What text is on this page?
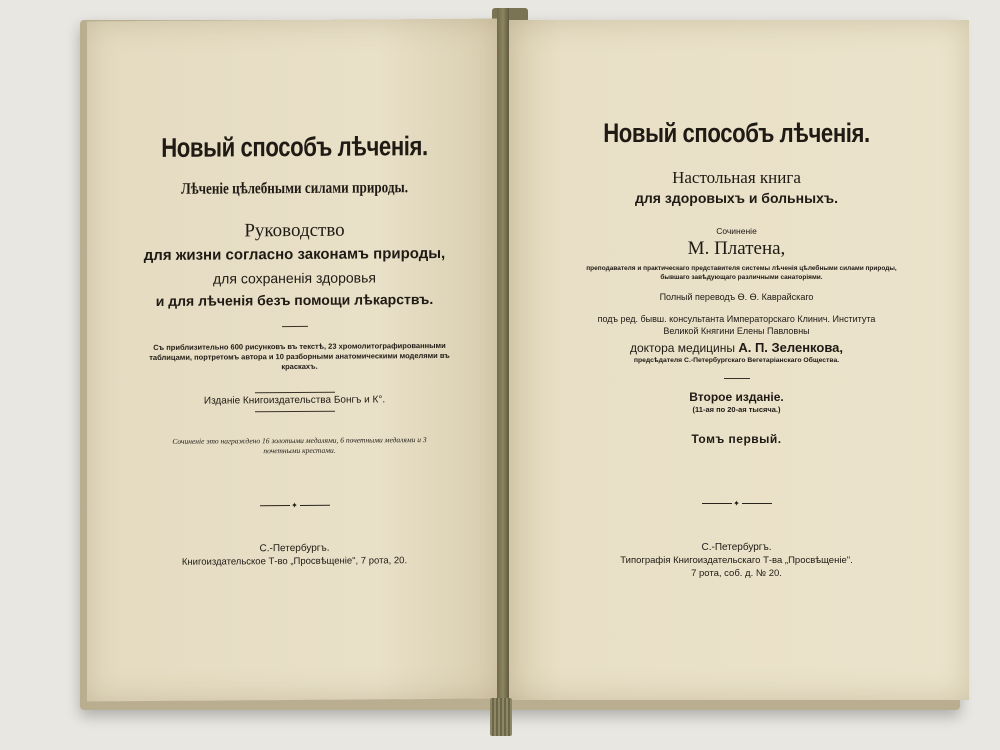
Новый способъ лѣченія.
Лѣченіе цѣлебными силами природы.
Руководство
для жизни согласно законамъ природы,
для сохраненія здоровья
и для лѣченія безъ помощи лѣкарствъ.
Съ приблизительно 600 рисунковъ въ текстѣ, 23 хромолитографированными таблицами, портретомъ автора и 10 разборными анатомическими моделями въ краскахъ.
Изданіе Книгоиздательства Бонгъ и К°.
Сочиненіе это награждено 16 золотыми медалями, 6 почетными медалями и 3 почетными крестами.
✦
С.-Петербургъ.
Книгоиздательское Т-во „Просвѣщеніе", 7 рота, 20.
Новый способъ лѣченія.
Настольная книга
для здоровыхъ и больныхъ.
Сочиненіе
М. Платена,
преподавателя и практическаго представителя системы лѣченія цѣлебными силами природы, бывшаго завѣдующаго различными санаторіями.
Полный переводъ Ѳ. Ѳ. Каврайскаго
подъ ред. бывш. консультанта Императорскаго Клинич. Института
Великой Княгини Елены Павловны
доктора медицины А. П. Зеленкова,
предсѣдателя С.-Петербургскаго Вегетаріанскаго Общества.
Второе изданіе.
(11-ая по 20-ая тысяча.)
Томъ первый.
✦
С.-Петербургъ.
Типографія Книгоиздательскаго Т-ва „Просвѣщеніе".
7 рота, соб. д. № 20.
